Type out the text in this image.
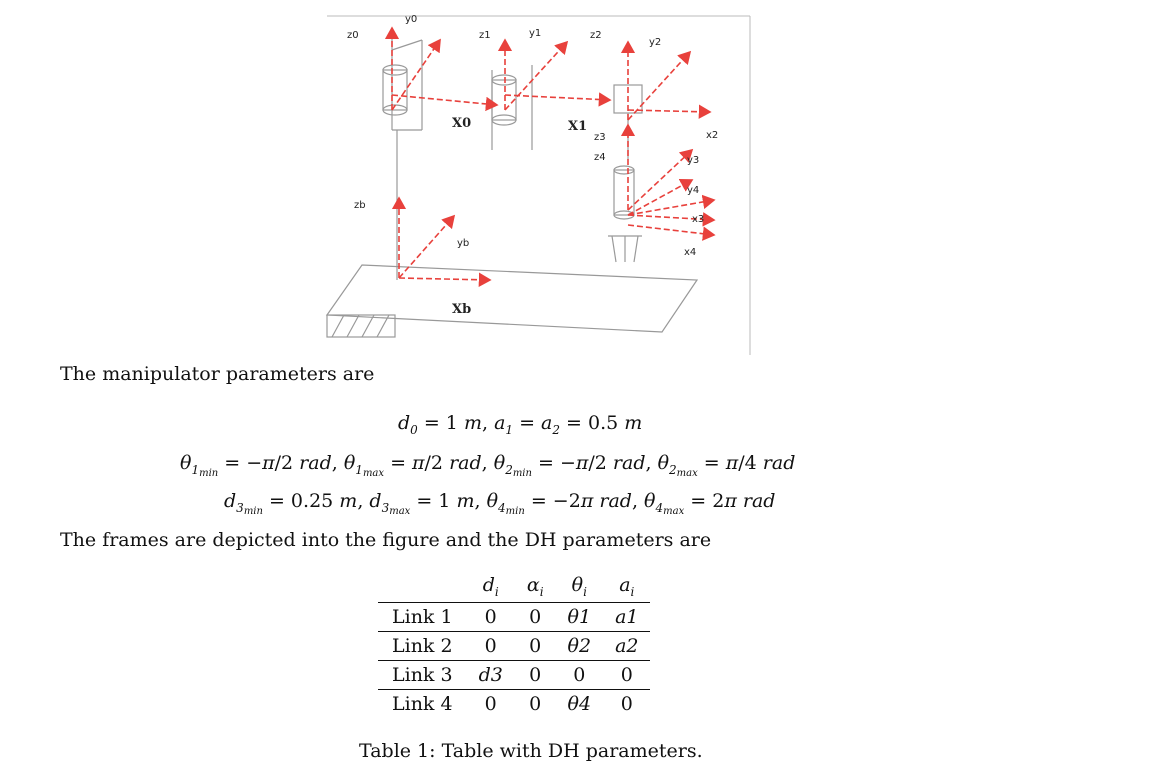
z0
y0
X0
z1	y1
X1
z2
y2
x2
z3
z4	y3
y4
x3
x4
zb
yb
Xb
The manipulator parameters are
$d_0 = 1$ m, $a_1 = a_2 = 0.5$ m
$\theta_{1_{min}} = -\pi/2$ rad, $\theta_{1_{max}} = \pi/2$ rad, $\theta_{2_{min}} = -\pi/2$ rad, $\theta_{2_{max}} = \pi/4$ rad
$d_{3_{min}} = 0.25$ m, $d_{3_{max}} = 1$ m, $\theta_{4_{min}} = -2\pi$ rad, $\theta_{4_{max}} = 2\pi$ rad
The frames are depicted into the figure and the DH parameters are
	$d_i$	$\alpha_i$	$\theta_i$	$a_i$
Link 1	0	0	θ1	a1
Link 2	0	0	θ2	a2
Link 3	d3	0	0	0
Link 4	0	0	θ4	0
Table 1: Table with DH parameters.
